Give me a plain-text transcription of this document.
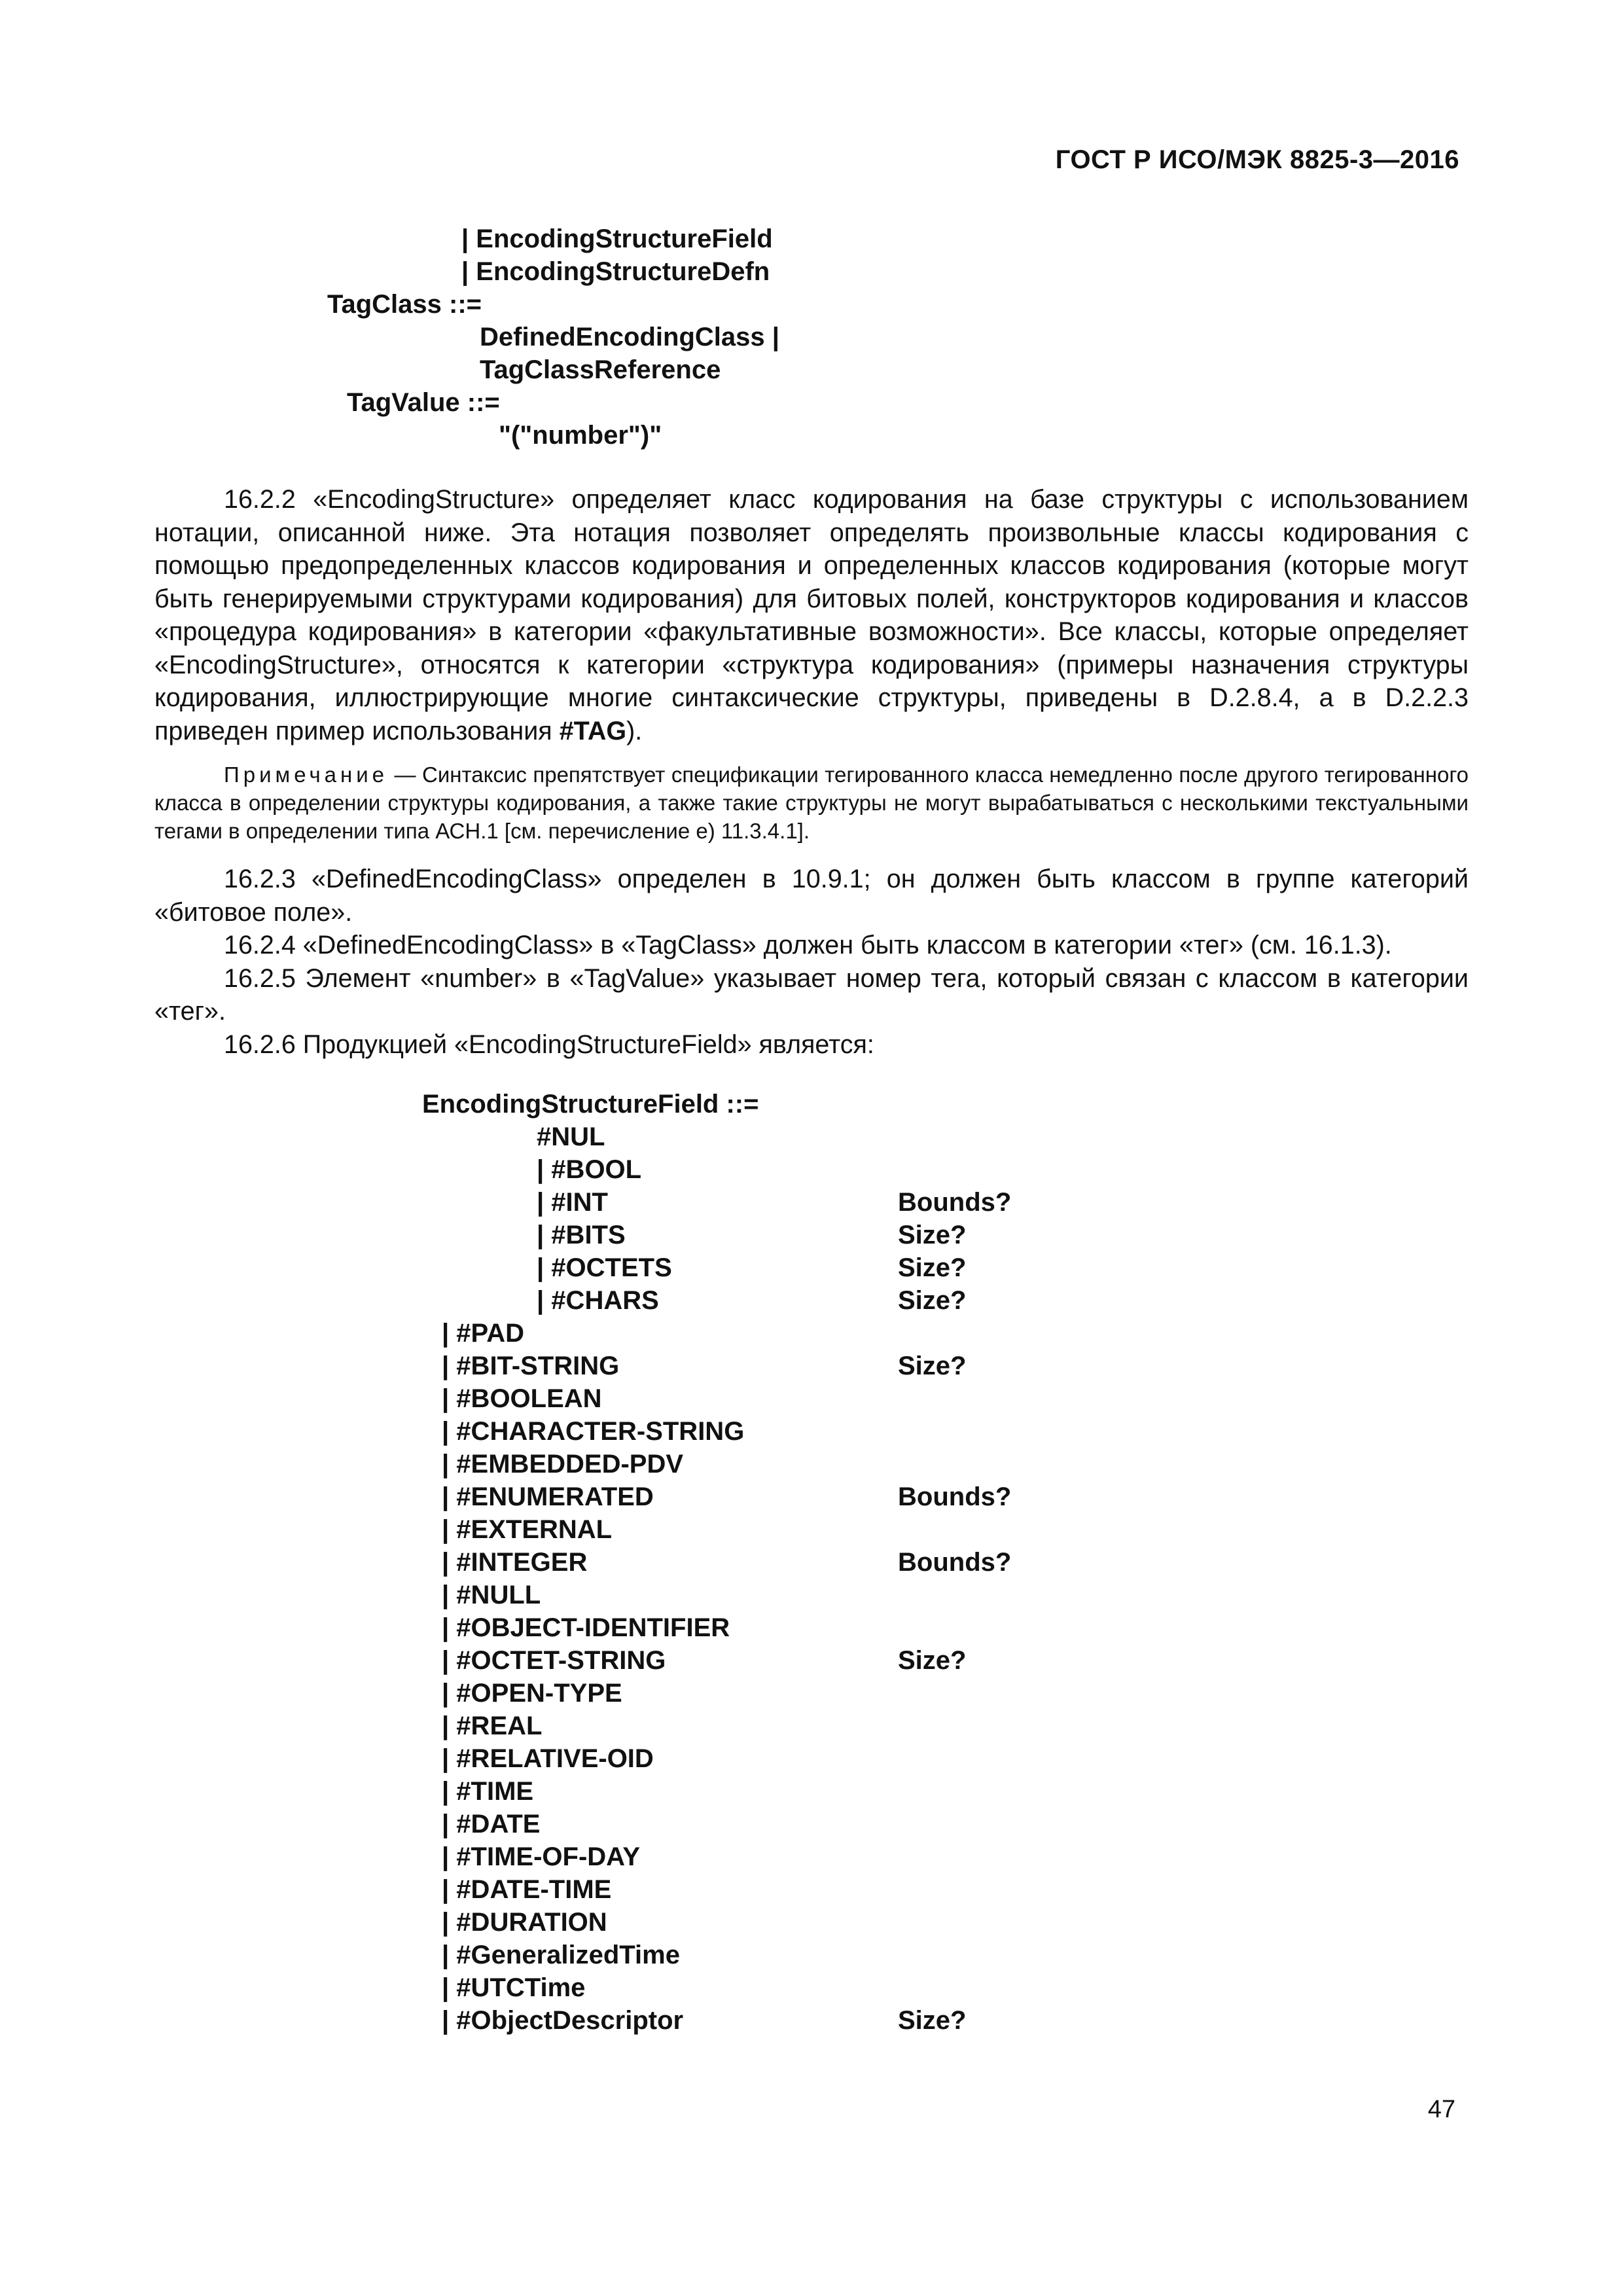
ГОСТ Р ИСО/МЭК 8825-3—2016
| EncodingStructureField
| EncodingStructureDefn
TagClass ::=
DefinedEncodingClass |
TagClassReference
TagValue ::=
"("number")"

16.2.2 «EncodingStructure» определяет класс кодирования на базе структуры с использованием нотации, описанной ниже. Эта нотация позволяет определять произвольные классы кодирования с помощью предопределенных классов кодирования и определенных классов кодирования (которые могут быть генерируемыми структурами кодирования) для битовых полей, конструкторов кодирования и классов «процедура кодирования» в категории «факультативные возможности». Все классы, которые определяет «EncodingStructure», относятся к категории «структура кодирования» (примеры назначения структуры кодирования, иллюстрирующие многие синтаксические структуры, приведены в D.2.8.4, а в D.2.2.3 приведен пример использования #TAG).

Примечание — Синтаксис препятствует спецификации тегированного класса немедленно после другого тегированного класса в определении структуры кодирования, а также такие структуры не могут вырабатываться с несколькими текстуальными тегами в определении типа АСН.1 [см. перечисление е) 11.3.4.1].

16.2.3 «DefinedEncodingClass» определен в 10.9.1; он должен быть классом в группе категорий «битовое поле».

16.2.4 «DefinedEncodingClass» в «TagClass» должен быть классом в категории «тег» (см. 16.1.3).

16.2.5 Элемент «number» в «TagValue» указывает номер тега, который связан с классом в категории «тег».

16.2.6 Продукцией «EncodingStructureField» является:

EncodingStructureField ::=
#NUL
47
| #BOOL
| #INT	Bounds?
| #BITS	Size?
| #OCTETS	Size?
| #CHARS	Size?
| #PAD
| #BIT-STRING	Size?
| #BOOLEAN
| #CHARACTER-STRING
| #EMBEDDED-PDV
| #ENUMERATED	Bounds?
| #EXTERNAL
| #INTEGER	Bounds?
| #NULL
| #OBJECT-IDENTIFIER
| #OCTET-STRING	Size?
| #OPEN-TYPE
| #REAL
| #RELATIVE-OID
| #TIME
| #DATE
| #TIME-OF-DAY
| #DATE-TIME
| #DURATION
| #GeneralizedTime
| #UTCTime
| #ObjectDescriptor	Size?
